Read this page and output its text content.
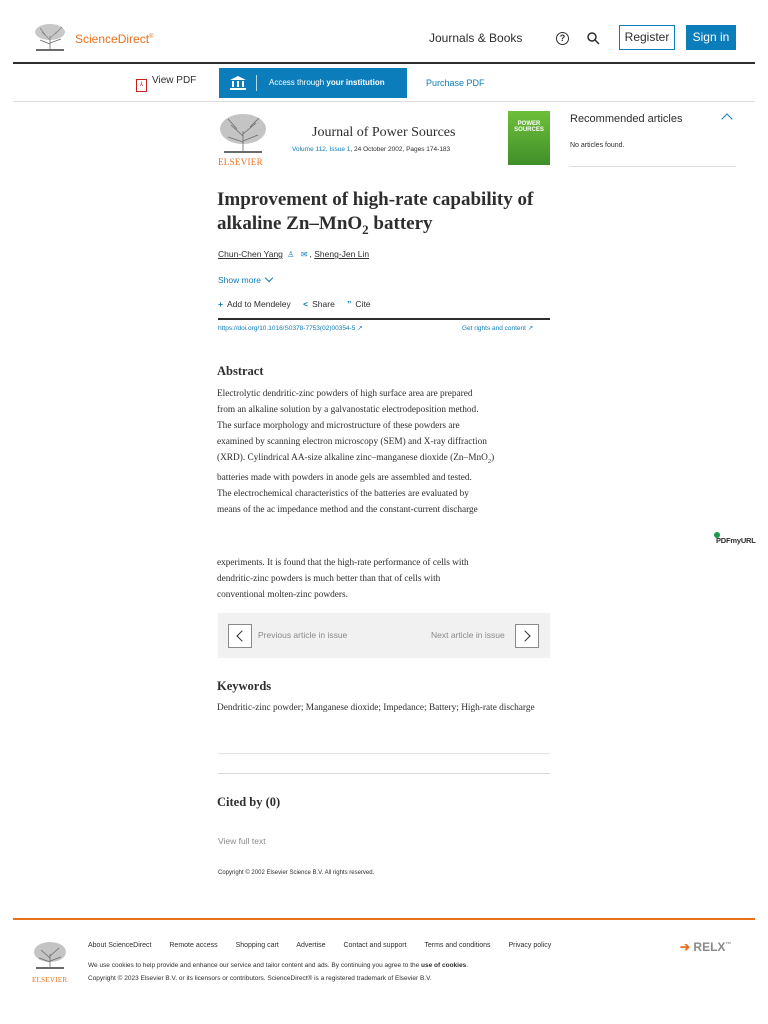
ScienceDirect®	Journals & Books	?	Register	Sign in
⅄ View PDF	Access through your institution	Purchase PDF
ELSEVIER
Journal of Power Sources
Volume 112, Issue 1, 24 October 2002, Pages 174-183
POWER SOURCES
Recommended articles
No articles found.
Improvement of high-rate capability of alkaline Zn–MnO$_2$ battery
Chun-Chen Yang ♙ ✉ , Sheng-Jen Lin
Show more
+ Add to Mendeley < Share ” Cite
https://doi.org/10.1016/S0378-7753(02)00354-5 ↗	Get rights and content ↗
Abstract
Electrolytic dendritic-zinc powders of high surface area are prepared
from an alkaline solution by a galvanostatic electrodeposition method.
The surface morphology and microstructure of these powders are
examined by scanning electron microscopy (SEM) and X-ray diffraction
(XRD). Cylindrical AA-size alkaline zinc–manganese dioxide (Zn–MnO$_2$)
batteries made with powders in anode gels are assembled and tested.
The electrochemical characteristics of the batteries are evaluated by
means of the ac impedance method and the constant-current discharge
PDFmyURL
experiments. It is found that the high-rate performance of cells with
dendritic-zinc powders is much better than that of cells with
conventional molten-zinc powders.
Previous article in issue	Next article in issue
Keywords
Dendritic-zinc powder; Manganese dioxide; Impedance; Battery; High-rate discharge
Cited by (0)
View full text
Copyright © 2002 Elsevier Science B.V. All rights reserved.
ELSEVIER
About ScienceDirect	Remote access	Shopping cart	Advertise	Contact and support	Terms and conditions	Privacy policy
We use cookies to help provide and enhance our service and tailor content and ads. By continuing you agree to the use of cookies.
Copyright © 2023 Elsevier B.V. or its licensors or contributors. ScienceDirect® is a registered trademark of Elsevier B.V.
➔ RELX™
